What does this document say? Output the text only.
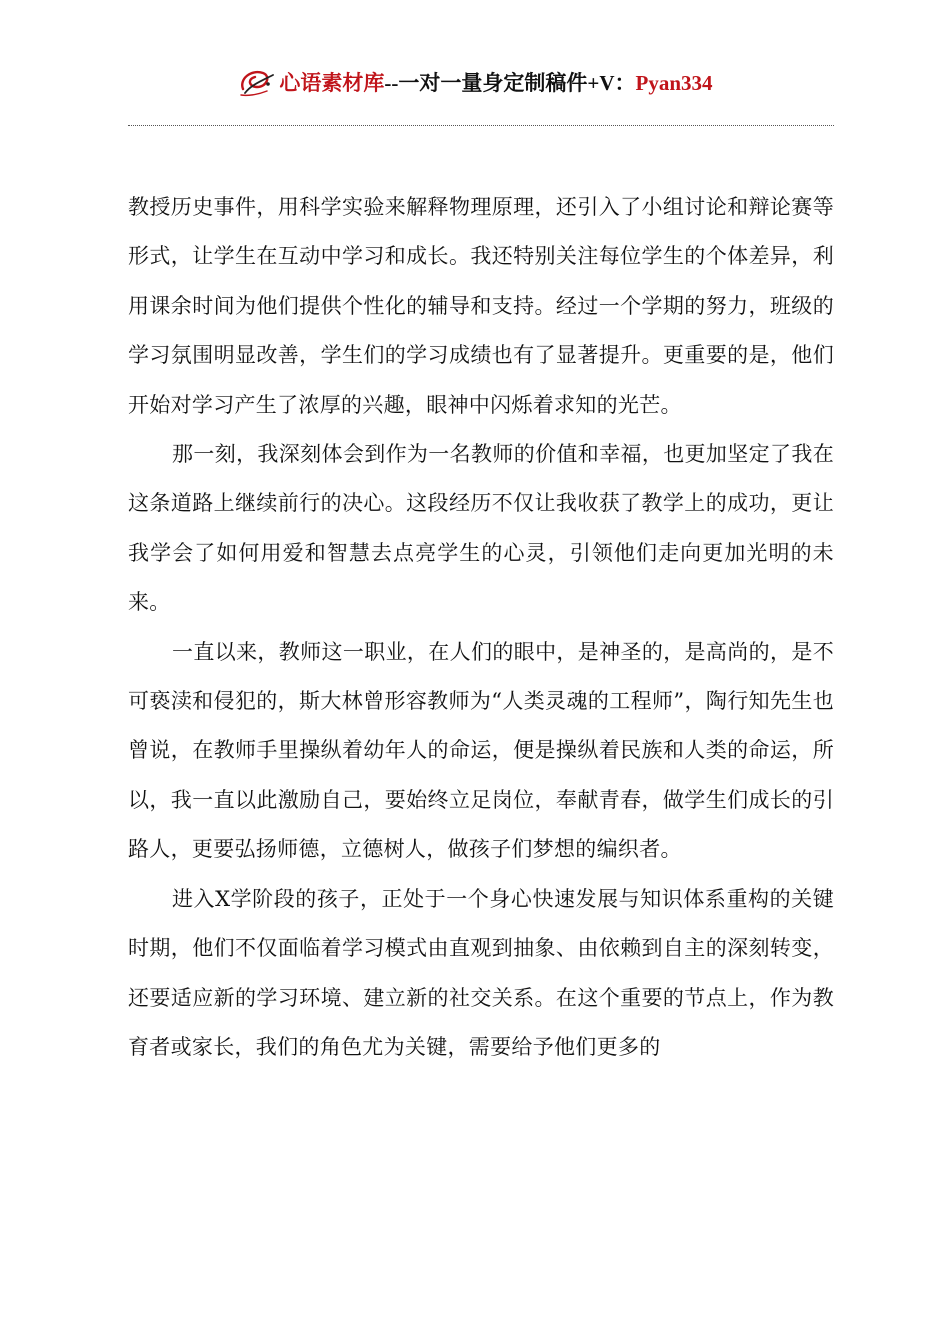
心语素材库--一对一量身定制稿件+V：Pyan334

教授历史事件，用科学实验来解释物理原理，还引入了小组讨论和辩论赛等形式，让学生在互动中学习和成长。我还特别关注每位学生的个体差异，利用课余时间为他们提供个性化的辅导和支持。经过一个学期的努力，班级的学习氛围明显改善，学生们的学习成绩也有了显著提升。更重要的是，他们开始对学习产生了浓厚的兴趣，眼神中闪烁着求知的光芒。

那一刻，我深刻体会到作为一名教师的价值和幸福，也更加坚定了我在这条道路上继续前行的决心。这段经历不仅让我收获了教学上的成功，更让我学会了如何用爱和智慧去点亮学生的心灵，引领他们走向更加光明的未来。

一直以来，教师这一职业，在人们的眼中，是神圣的，是高尚的，是不可亵渎和侵犯的，斯大林曾形容教师为“人类灵魂的工程师”，陶行知先生也曾说，在教师手里操纵着幼年人的命运，便是操纵着民族和人类的命运，所以，我一直以此激励自己，要始终立足岗位，奉献青春，做学生们成长的引路人，更要弘扬师德，立德树人，做孩子们梦想的编织者。

进入X学阶段的孩子，正处于一个身心快速发展与知识体系重构的关键时期，他们不仅面临着学习模式由直观到抽象、由依赖到自主的深刻转变，还要适应新的学习环境、建立新的社交关系。在这个重要的节点上，作为教育者或家长，我们的角色尤为关键，需要给予他们更多的
